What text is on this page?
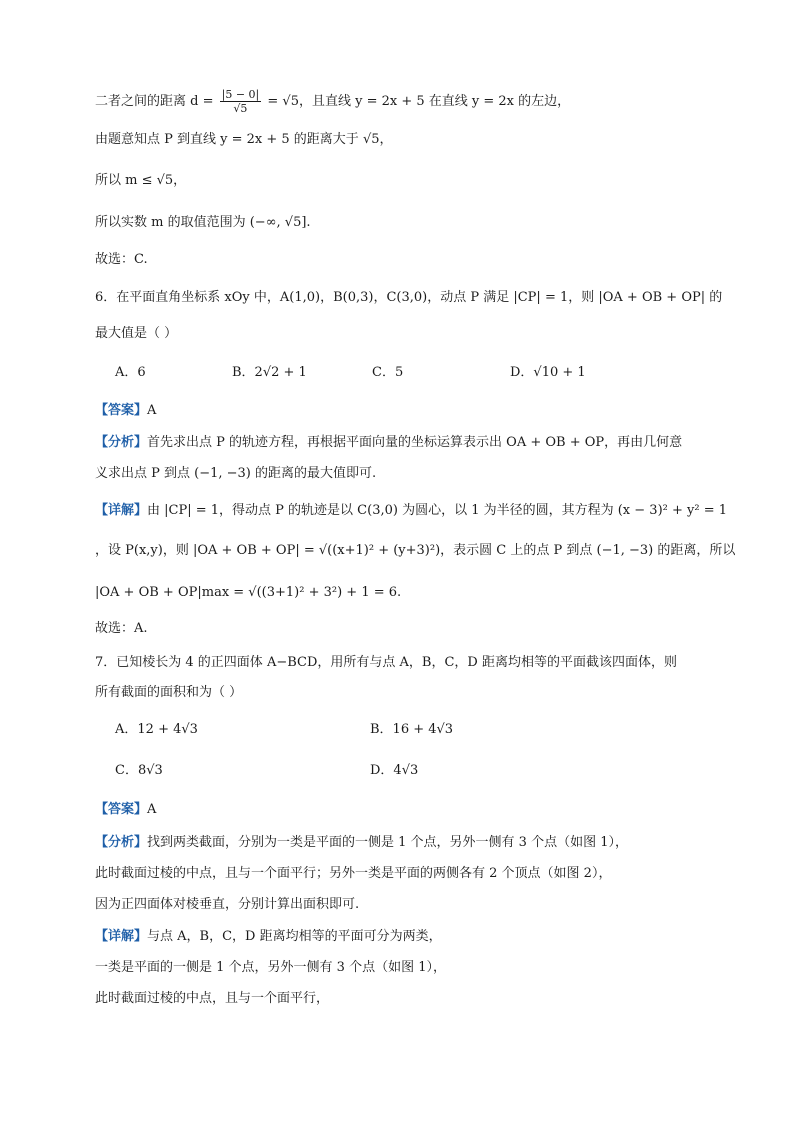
二者之间的距离 $d = \frac{|5 - 0|}{√5} = √5$，且直线 y = 2x + 5 在直线 y = 2x 的左边，
由题意知点 P 到直线 y = 2x + 5 的距离大于 √5，
所以 m ≤ √5，
所以实数 m 的取值范围为 (−∞, √5].
故选：C.
6．在平面直角坐标系 xOy 中，A(1,0)，B(0,3)，C(3,0)，动点 P 满足 |CP| = 1，则 |OA + OB + OP| 的
最大值是（ ）
A．6	B．2√2 + 1	C．5	D．√10 + 1
【答案】A
【分析】首先求出点 P 的轨迹方程，再根据平面向量的坐标运算表示出 OA + OB + OP，再由几何意
义求出点 P 到点 (−1, −3) 的距离的最大值即可.
【详解】由 |CP| = 1，得动点 P 的轨迹是以 C(3,0) 为圆心，以 1 为半径的圆，其方程为 (x − 3)² + y² = 1
，设 P(x,y)，则 |OA + OB + OP| = √((x+1)² + (y+3)²)，表示圆 C 上的点 P 到点 (−1, −3) 的距离，所以
|OA + OB + OP|max = √((3+1)² + 3²) + 1 = 6.
故选：A.
7．已知棱长为 4 的正四面体 A−BCD，用所有与点 A，B，C，D 距离均相等的平面截该四面体，则
所有截面的面积和为（ ）
A．12 + 4√3	B．16 + 4√3
C．8√3	D．4√3
【答案】A
【分析】找到两类截面，分别为一类是平面的一侧是 1 个点，另外一侧有 3 个点（如图 1），
此时截面过棱的中点，且与一个面平行；另外一类是平面的两侧各有 2 个顶点（如图 2），
因为正四面体对棱垂直，分别计算出面积即可.
【详解】与点 A，B，C，D 距离均相等的平面可分为两类，
一类是平面的一侧是 1 个点，另外一侧有 3 个点（如图 1），
此时截面过棱的中点，且与一个面平行，
